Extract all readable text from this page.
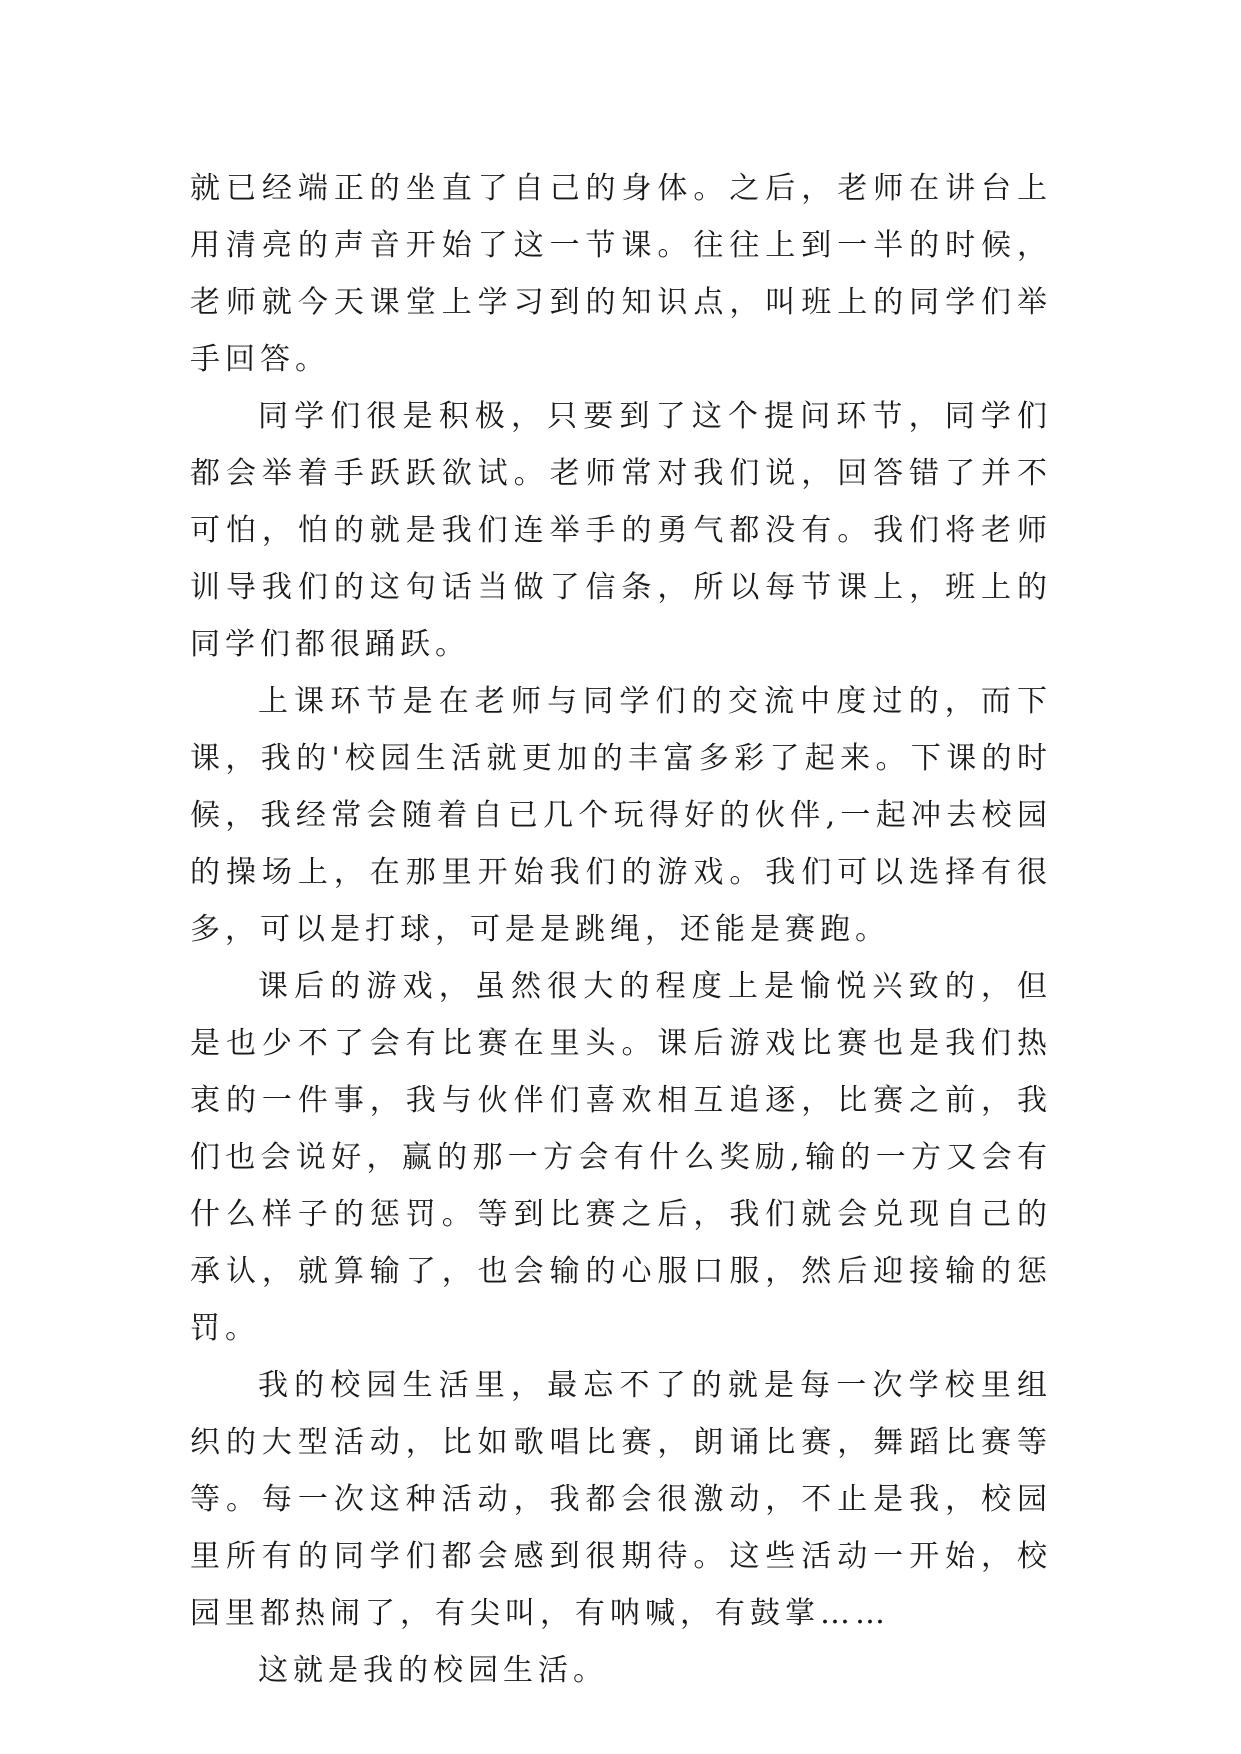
就已经端正的坐直了自己的身体。之后，老师在讲台上用清亮的声音开始了这一节课。往往上到一半的时候，老师就今天课堂上学习到的知识点，叫班上的同学们举手回答。

同学们很是积极，只要到了这个提问环节，同学们都会举着手跃跃欲试。老师常对我们说，回答错了并不可怕，怕的就是我们连举手的勇气都没有。我们将老师训导我们的这句话当做了信条，所以每节课上，班上的同学们都很踊跃。

上课环节是在老师与同学们的交流中度过的，而下课，我的'校园生活就更加的丰富多彩了起来。下课的时候，我经常会随着自已几个玩得好的伙伴,一起冲去校园的操场上，在那里开始我们的游戏。我们可以选择有很多，可以是打球，可是是跳绳，还能是赛跑。

课后的游戏，虽然很大的程度上是愉悦兴致的，但是也少不了会有比赛在里头。课后游戏比赛也是我们热衷的一件事，我与伙伴们喜欢相互追逐，比赛之前，我们也会说好，赢的那一方会有什么奖励,输的一方又会有什么样子的惩罚。等到比赛之后，我们就会兑现自己的承认，就算输了，也会输的心服口服，然后迎接输的惩罚。

我的校园生活里，最忘不了的就是每一次学校里组织的大型活动，比如歌唱比赛，朗诵比赛，舞蹈比赛等等。每一次这种活动，我都会很激动，不止是我，校园里所有的同学们都会感到很期待。这些活动一开始，校园里都热闹了，有尖叫，有呐喊，有鼓掌……

这就是我的校园生活。
